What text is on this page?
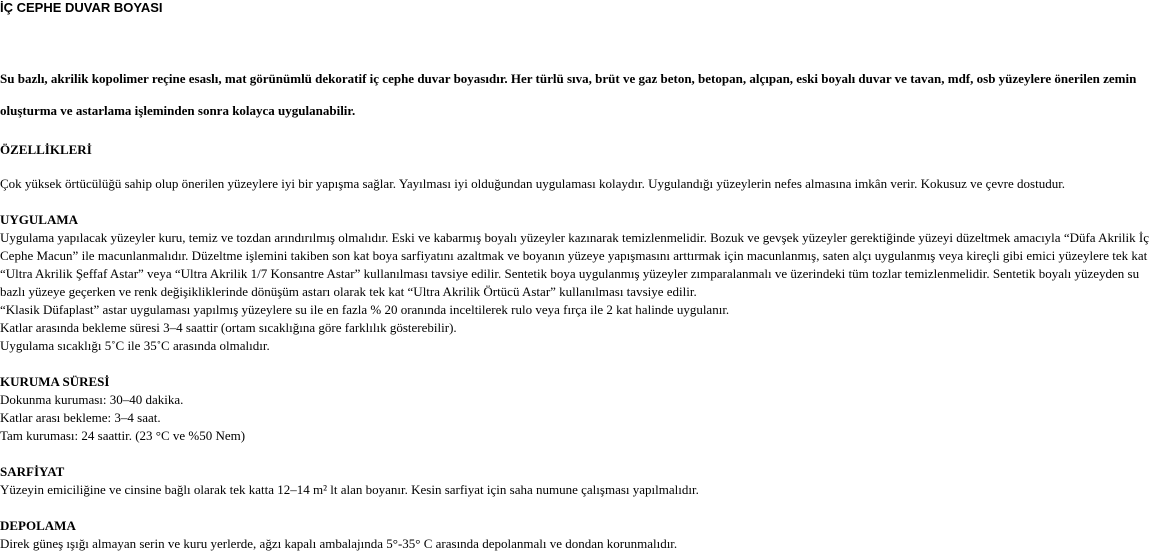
İÇ CEPHE DUVAR BOYASI

Su bazlı, akrilik kopolimer reçine esaslı, mat görünümlü dekoratif iç cephe duvar boyasıdır. Her türlü sıva, brüt ve gaz beton, betopan, alçıpan, eski boyalı duvar ve tavan, mdf, osb yüzeylere önerilen zemin oluşturma ve astarlama işleminden sonra kolayca uygulanabilir.

ÖZELLİKLERİ

Çok yüksek örtücülüğü sahip olup önerilen yüzeylere iyi bir yapışma sağlar. Yayılması iyi olduğundan uygulaması kolaydır. Uygulandığı yüzeylerin nefes almasına imkân verir. Kokusuz ve çevre dostudur.

UYGULAMA

Uygulama yapılacak yüzeyler kuru, temiz ve tozdan arındırılmış olmalıdır. Eski ve kabarmış boyalı yüzeyler kazınarak temizlenmelidir. Bozuk ve gevşek yüzeyler gerektiğinde yüzeyi düzeltmek amacıyla “Düfa Akrilik İç Cephe Macun” ile macunlanmalıdır. Düzeltme işlemini takiben son kat boya sarfiyatını azaltmak ve boyanın yüzeye yapışmasını arttırmak için macunlanmış, saten alçı uygulanmış veya kireçli gibi emici yüzeylere tek kat “Ultra Akrilik Şeffaf Astar” veya “Ultra Akrilik 1/7 Konsantre Astar” kullanılması tavsiye edilir. Sentetik boya uygulanmış yüzeyler zımparalanmalı ve üzerindeki tüm tozlar temizlenmelidir. Sentetik boyalı yüzeyden su bazlı yüzeye geçerken ve renk değişikliklerinde dönüşüm astarı olarak tek kat “Ultra Akrilik Örtücü Astar” kullanılması tavsiye edilir.

“Klasik Düfaplast” astar uygulaması yapılmış yüzeylere su ile en fazla % 20 oranında inceltilerek rulo veya fırça ile 2 kat halinde uygulanır.

Katlar arasında bekleme süresi 3–4 saattir (ortam sıcaklığına göre farklılık gösterebilir).

Uygulama sıcaklığı 5˚C ile 35˚C arasında olmalıdır.

KURUMA SÜRESİ

Dokunma kuruması: 30–40 dakika.

Katlar arası bekleme: 3–4 saat.

Tam kuruması: 24 saattir. (23 °C ve %50 Nem)

SARFİYAT

Yüzeyin emiciliğine ve cinsine bağlı olarak tek katta 12–14 m² lt alan boyanır. Kesin sarfiyat için saha numune çalışması yapılmalıdır.

DEPOLAMA

Direk güneş ışığı almayan serin ve kuru yerlerde, ağzı kapalı ambalajında 5°-35° C arasında depolanmalı ve dondan korunmalıdır.
